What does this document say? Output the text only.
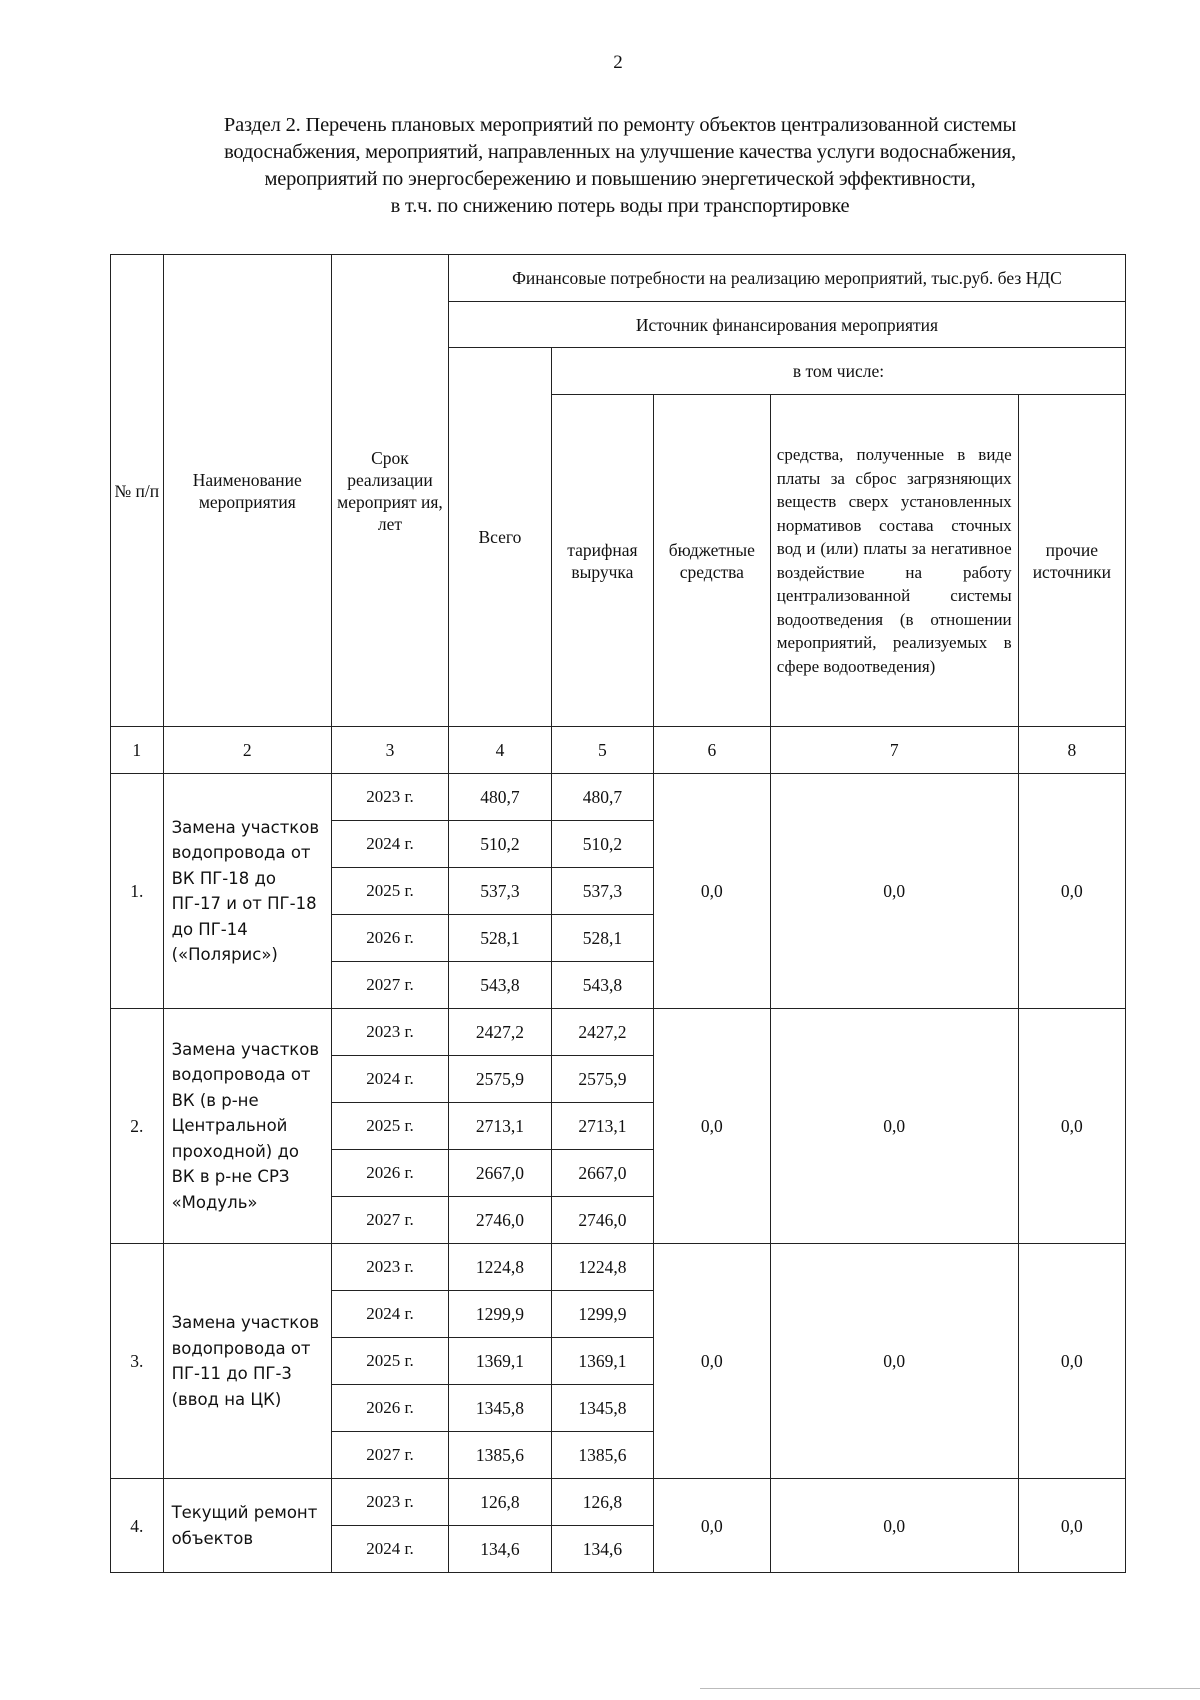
2
Раздел 2. Перечень плановых мероприятий по ремонту объектов централизованной системы
водоснабжения, мероприятий, направленных на улучшение качества услуги водоснабжения,
мероприятий по энергосбережению и повышению энергетической эффективности,
в т.ч. по снижению потерь воды при транспортировке
№ п/п	Наименование мероприятия	Срок реализации мероприят ия, лет	Финансовые потребности на реализацию мероприятий, тыс.руб. без НДС				
			Источник финансирования мероприятия				
			Всего	в том числе:			
				тарифная выручка	бюджетные средства	средства, полученные в виде платы за сброс загрязняющих веществ сверх установленных нормативов состава сточных вод и (или) платы за негативное воздействие на работу централизованной системы водоотведения (в отношении мероприятий, реализуемых в сфере водоотведения)	прочие источники
1	2	3	4	5	6	7	8
1.	Замена участков водопровода от ВК ПГ-18 до ПГ-17 и от ПГ-18 до ПГ-14 («Полярис»)	2023 г.	480,7	480,7	0,0	0,0	0,0
		2024 г.	510,2	510,2			
		2025 г.	537,3	537,3			
		2026 г.	528,1	528,1			
		2027 г.	543,8	543,8			
2.	Замена участков водопровода от ВК (в р-не Центральной проходной) до ВК в р-не СРЗ «Модуль»	2023 г.	2427,2	2427,2	0,0	0,0	0,0
		2024 г.	2575,9	2575,9			
		2025 г.	2713,1	2713,1			
		2026 г.	2667,0	2667,0			
		2027 г.	2746,0	2746,0			
3.	Замена участков водопровода от ПГ-11 до ПГ-3 (ввод на ЦК)	2023 г.	1224,8	1224,8	0,0	0,0	0,0
		2024 г.	1299,9	1299,9			
		2025 г.	1369,1	1369,1			
		2026 г.	1345,8	1345,8			
		2027 г.	1385,6	1385,6			
4.	Текущий ремонт объектов	2023 г.	126,8	126,8	0,0	0,0	0,0
		2024 г.	134,6	134,6			
